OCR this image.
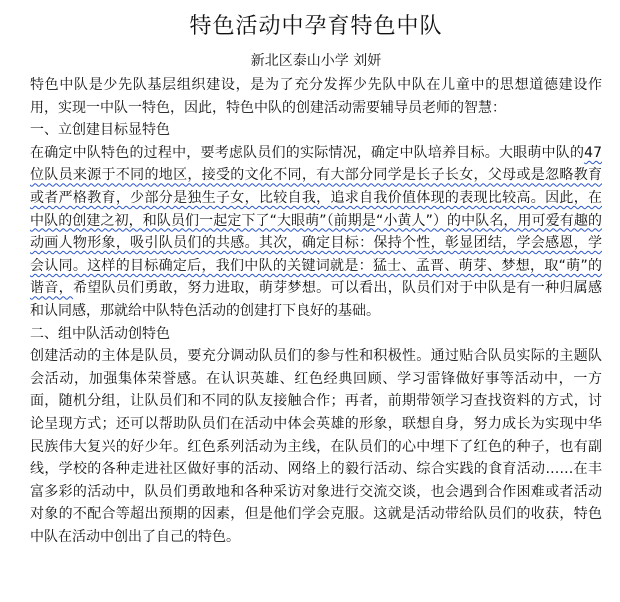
特色活动中孕育特色中队
新北区泰山小学 刘妍

特色中队是少先队基层组织建设，是为了充分发挥少先队中队在儿童中的思想道德建设作用，实现一中队一特色，因此，特色中队的创建活动需要辅导员老师的智慧：

一、立创建目标显特色

在确定中队特色的过程中，要考虑队员们的实际情况，确定中队培养目标。大眼萌中队的47位队员来源于不同的地区，接受的文化不同，有大部分同学是长子长女，父母或是忽略教育或者严格教育，少部分是独生子女，比较自我，追求自我价值体现的表现比较高。因此，在中队的创建之初，和队员们一起定下了“大眼萌”（前期是“小黄人”）的中队名，用可爱有趣的动画人物形象，吸引队员们的共感。其次，确定目标：保持个性，彰显团结，学会感恩，学会认同。这样的目标确定后，我们中队的关键词就是：猛士、孟晋、萌芽、梦想，取“萌”的谐音，希望队员们勇敢，努力进取，萌芽梦想。可以看出，队员们对于中队是有一种归属感和认同感，那就给中队特色活动的创建打下良好的基础。

二、组中队活动创特色

创建活动的主体是队员，要充分调动队员们的参与性和积极性。通过贴合队员实际的主题队会活动，加强集体荣誉感。在认识英雄、红色经典回顾、学习雷锋做好事等活动中，一方面，随机分组，让队员们和不同的队友接触合作；再者，前期带领学习查找资料的方式，讨论呈现方式；还可以帮助队员们在活动中体会英雄的形象，联想自身，努力成长为实现中华民族伟大复兴的好少年。红色系列活动为主线，在队员们的心中埋下了红色的种子，也有副线，学校的各种走进社区做好事的活动、网络上的毅行活动、综合实践的食育活动……在丰富多彩的活动中，队员们勇敢地和各种采访对象进行交流交谈，也会遇到合作困难或者活动对象的不配合等超出预期的因素，但是他们学会克服。这就是活动带给队员们的收获，特色中队在活动中创出了自己的特色。
